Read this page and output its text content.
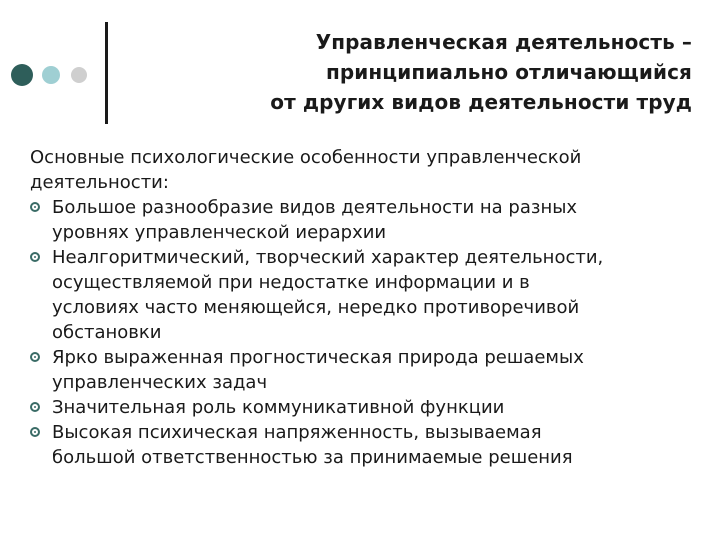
Управленческая деятельность –
принципиально отличающийся
от других видов деятельности труд

Основные психологические особенности управленческой
деятельности:

Большое разнообразие видов деятельности на разных
уровнях управленческой иерархии
Неалгоритмический, творческий характер деятельности,
осуществляемой при недостатке информации и в
условиях часто меняющейся, нередко противоречивой
обстановки
Ярко выраженная прогностическая природа решаемых
управленческих задач
Значительная роль коммуникативной функции
Высокая психическая напряженность, вызываемая
большой ответственностью за принимаемые решения
